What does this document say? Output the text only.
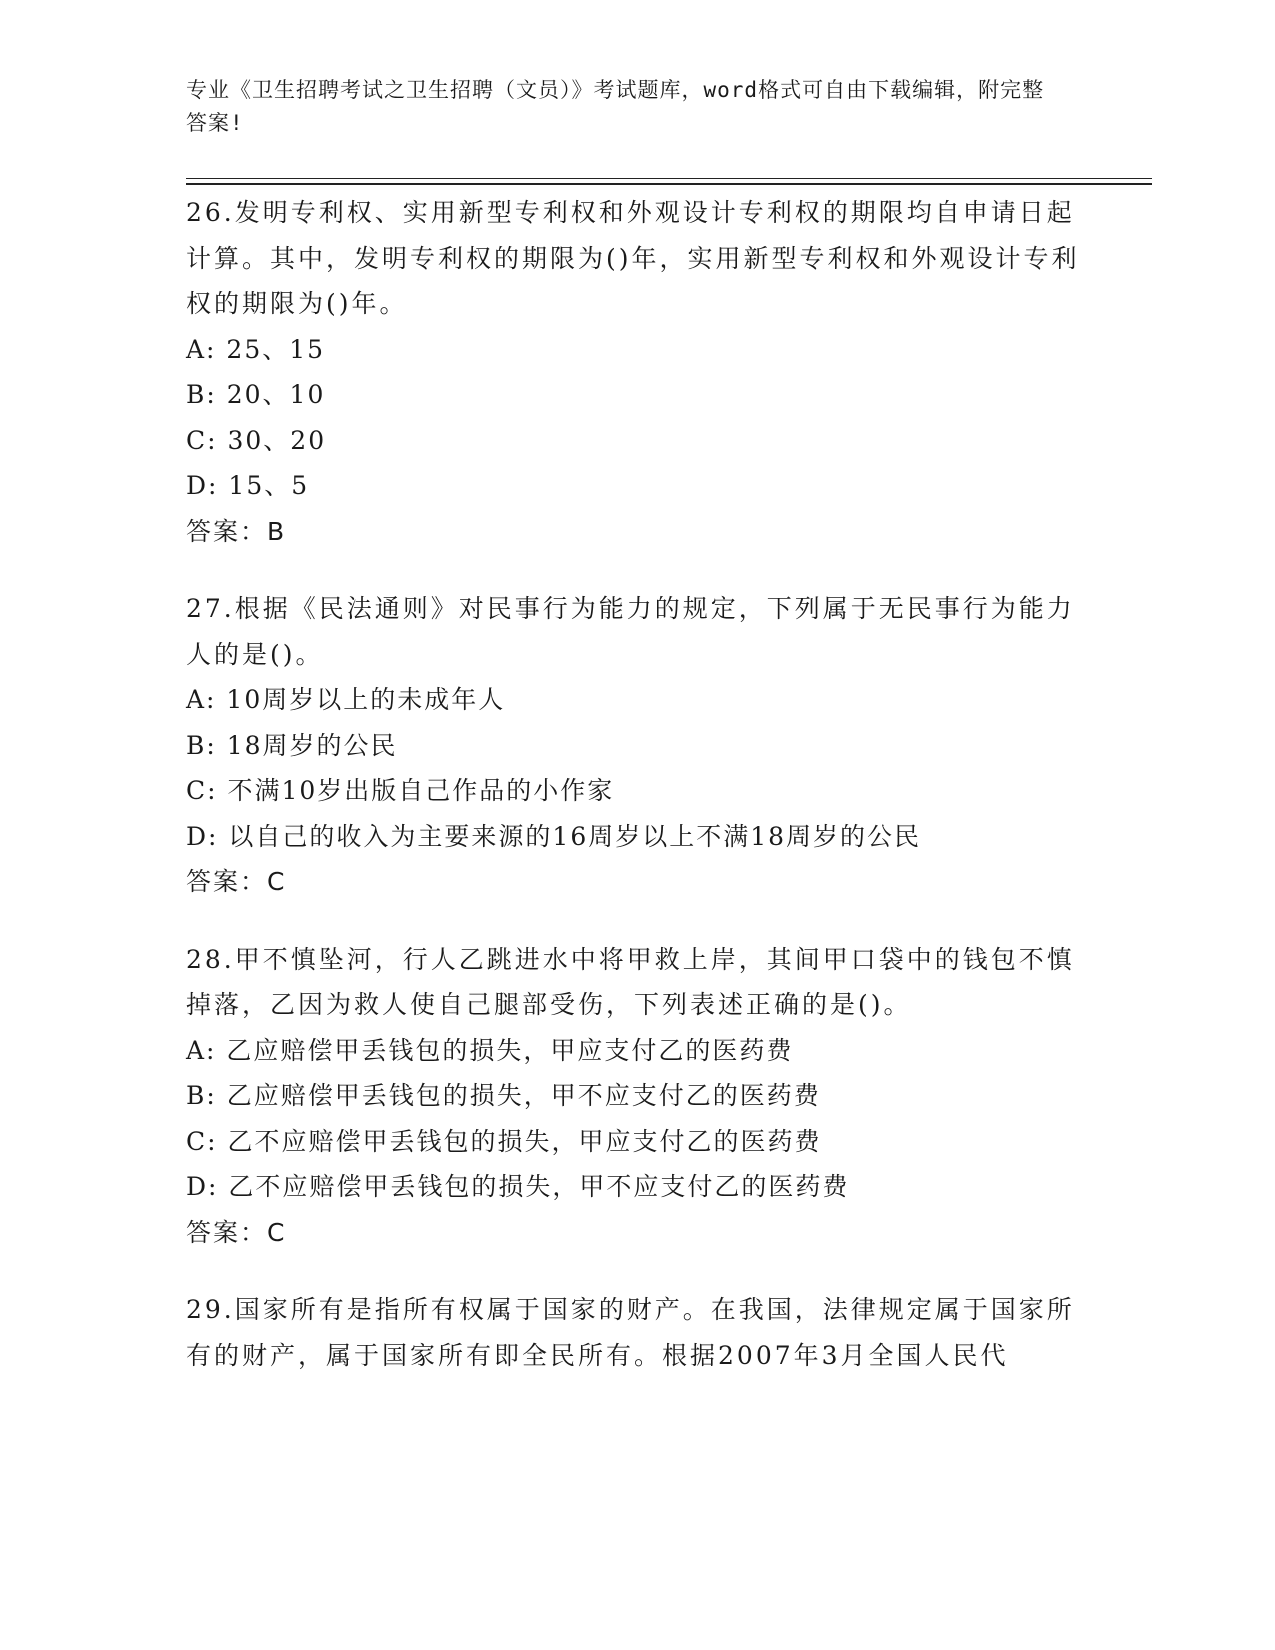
专业《卫生招聘考试之卫生招聘（文员）》考试题库，word格式可自由下载编辑，附完整答案!

26.发明专利权、实用新型专利权和外观设计专利权的期限均自申请日起计算。其中，发明专利权的期限为()年，实用新型专利权和外观设计专利权的期限为()年。

A: 25、15

B: 20、10

C: 30、20

D: 15、5

答案：B

27.根据《民法通则》对民事行为能力的规定，下列属于无民事行为能力人的是()。

A: 10周岁以上的未成年人

B: 18周岁的公民

C: 不满10岁出版自己作品的小作家

D: 以自己的收入为主要来源的16周岁以上不满18周岁的公民

答案：C

28.甲不慎坠河，行人乙跳进水中将甲救上岸，其间甲口袋中的钱包不慎掉落，乙因为救人使自己腿部受伤，下列表述正确的是()。

A: 乙应赔偿甲丢钱包的损失，甲应支付乙的医药费

B: 乙应赔偿甲丢钱包的损失，甲不应支付乙的医药费

C: 乙不应赔偿甲丢钱包的损失，甲应支付乙的医药费

D: 乙不应赔偿甲丢钱包的损失，甲不应支付乙的医药费

答案：C

29.国家所有是指所有权属于国家的财产。在我国，法律规定属于国家所有的财产，属于国家所有即全民所有。根据2007年3月全国人民代
